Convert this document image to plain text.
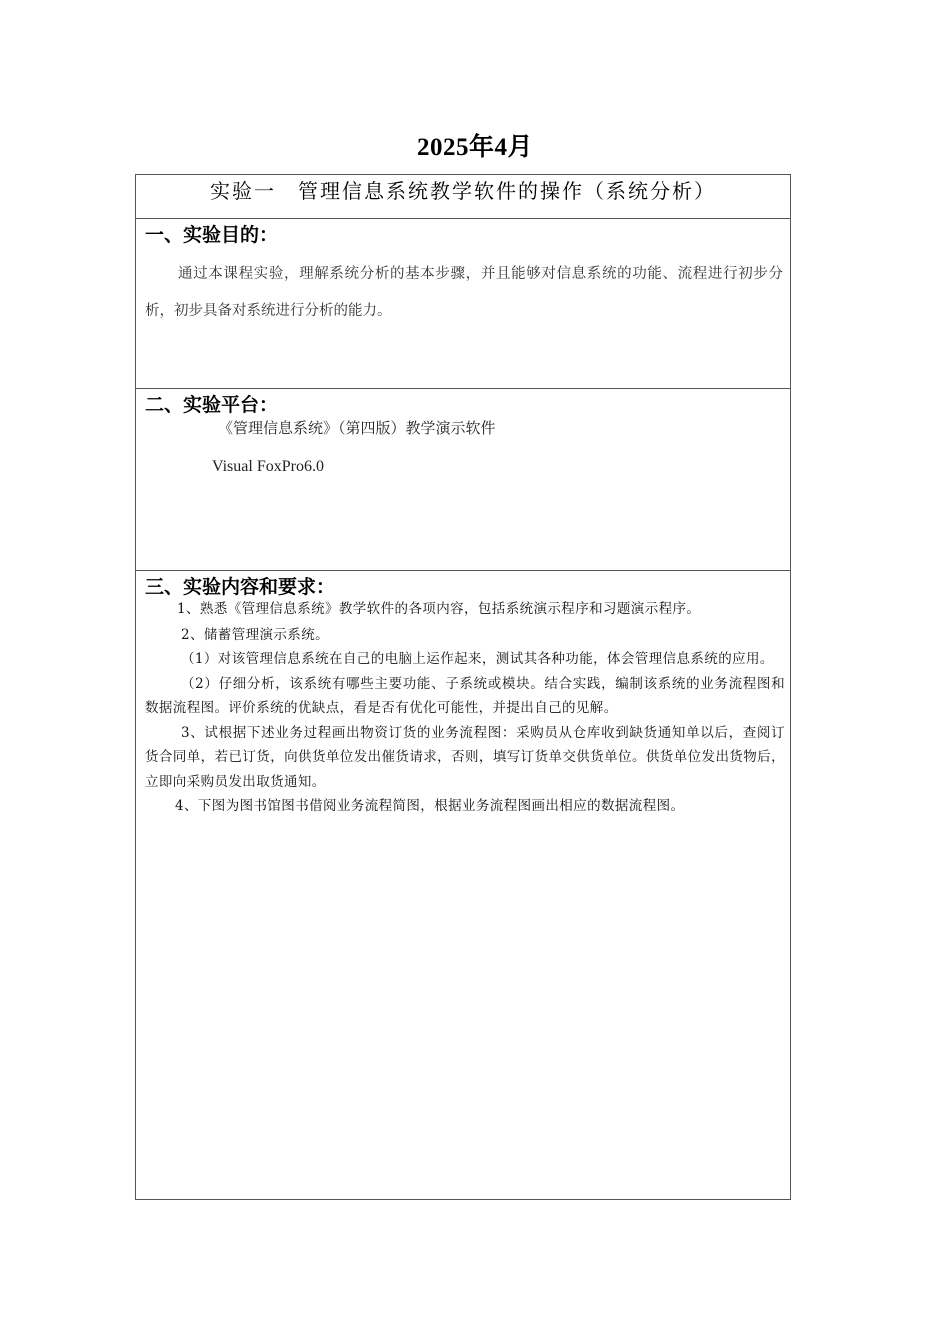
2025年4月
实验一　管理信息系统教学软件的操作（系统分析）
一、实验目的：

通过本课程实验，理解系统分析的基本步骤，并且能够对信息系统的功能、流程进行初步分析，初步具备对系统进行分析的能力。

二、实验平台：

《管理信息系统》（第四版）教学演示软件

Visual FoxPro6.0

三、实验内容和要求：

1、熟悉《管理信息系统》教学软件的各项内容，包括系统演示程序和习题演示程序。

2、储蓄管理演示系统。

（1）对该管理信息系统在自己的电脑上运作起来，测试其各种功能，体会管理信息系统的应用。

（2）仔细分析，该系统有哪些主要功能、子系统或模块。结合实践，编制该系统的业务流程图和数据流程图。评价系统的优缺点，看是否有优化可能性，并提出自己的见解。

3、试根据下述业务过程画出物资订货的业务流程图：采购员从仓库收到缺货通知单以后，查阅订货合同单，若已订货，向供货单位发出催货请求，否则，填写订货单交供货单位。供货单位发出货物后，立即向采购员发出取货通知。

4、下图为图书馆图书借阅业务流程简图，根据业务流程图画出相应的数据流程图。
